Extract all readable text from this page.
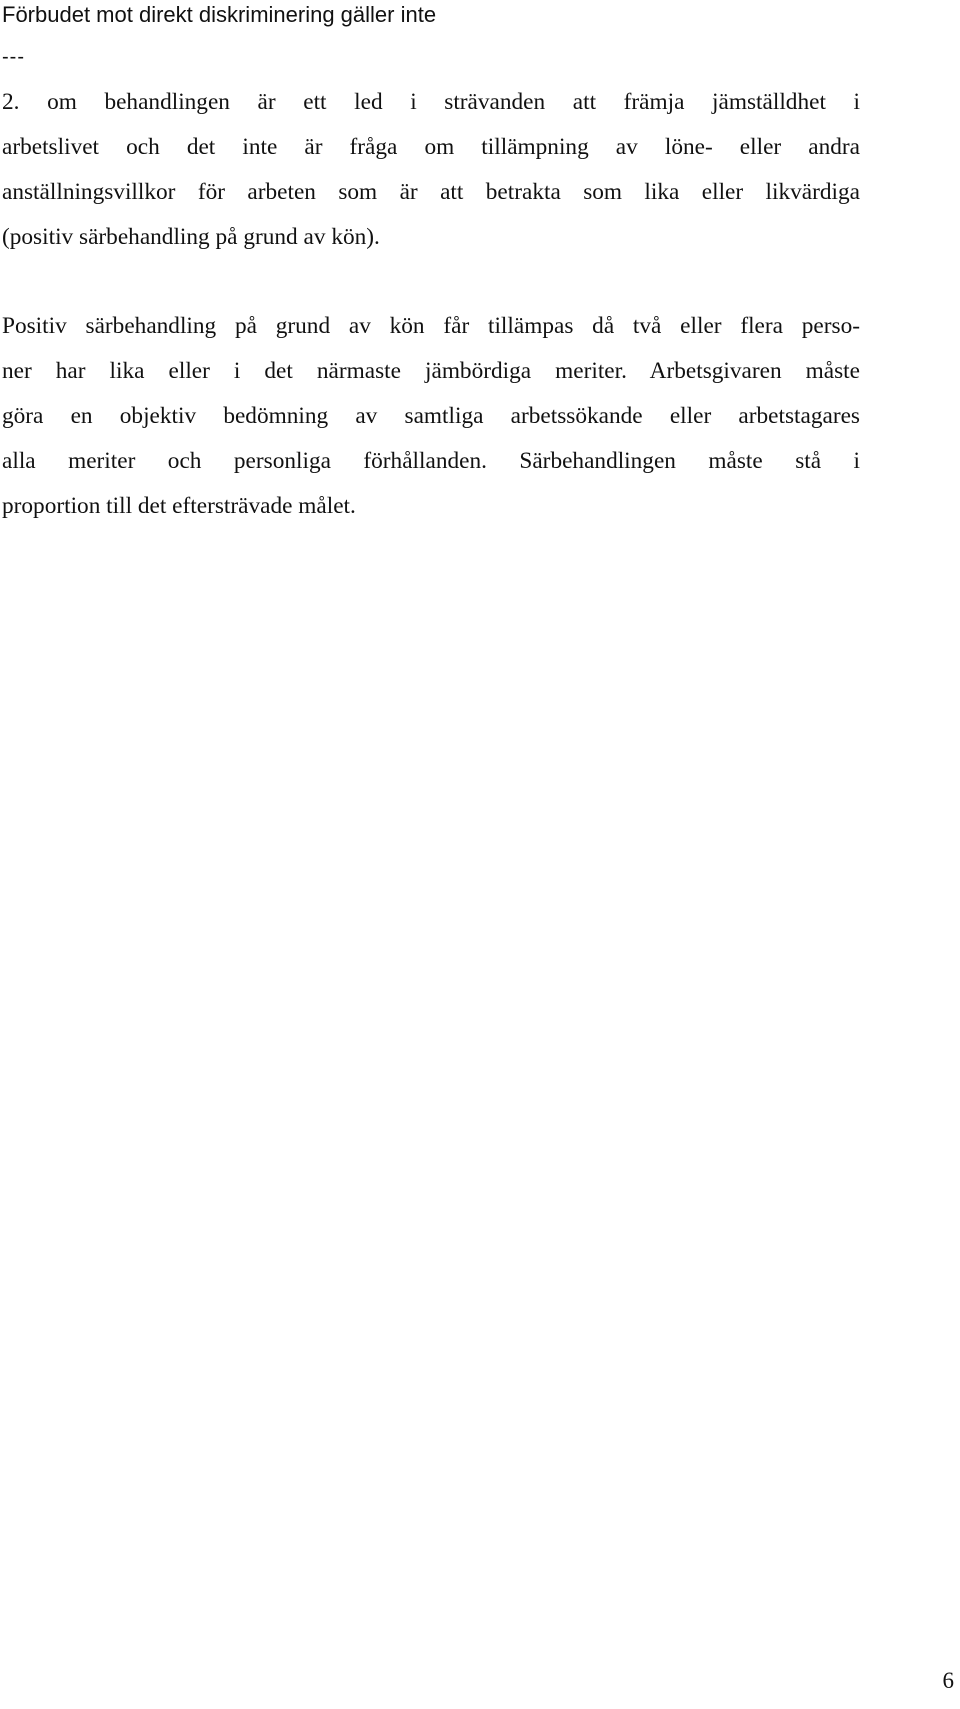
Förbudet mot direkt diskriminering gäller inte
---
2. om behandlingen är ett led i strävanden att främja jämställdhet i
arbetslivet och det inte är fråga om tillämpning av löne- eller andra
anställningsvillkor för arbeten som är att betrakta som lika eller likvärdiga
(positiv särbehandling på grund av kön).
Positiv särbehandling på grund av kön får tillämpas då två eller flera perso-
ner har lika eller i det närmaste jämbördiga meriter. Arbetsgivaren måste
göra en objektiv bedömning av samtliga arbetssökande eller arbetstagares
alla meriter och personliga förhållanden. Särbehandlingen måste stå i
proportion till det eftersträvade målet.
6
